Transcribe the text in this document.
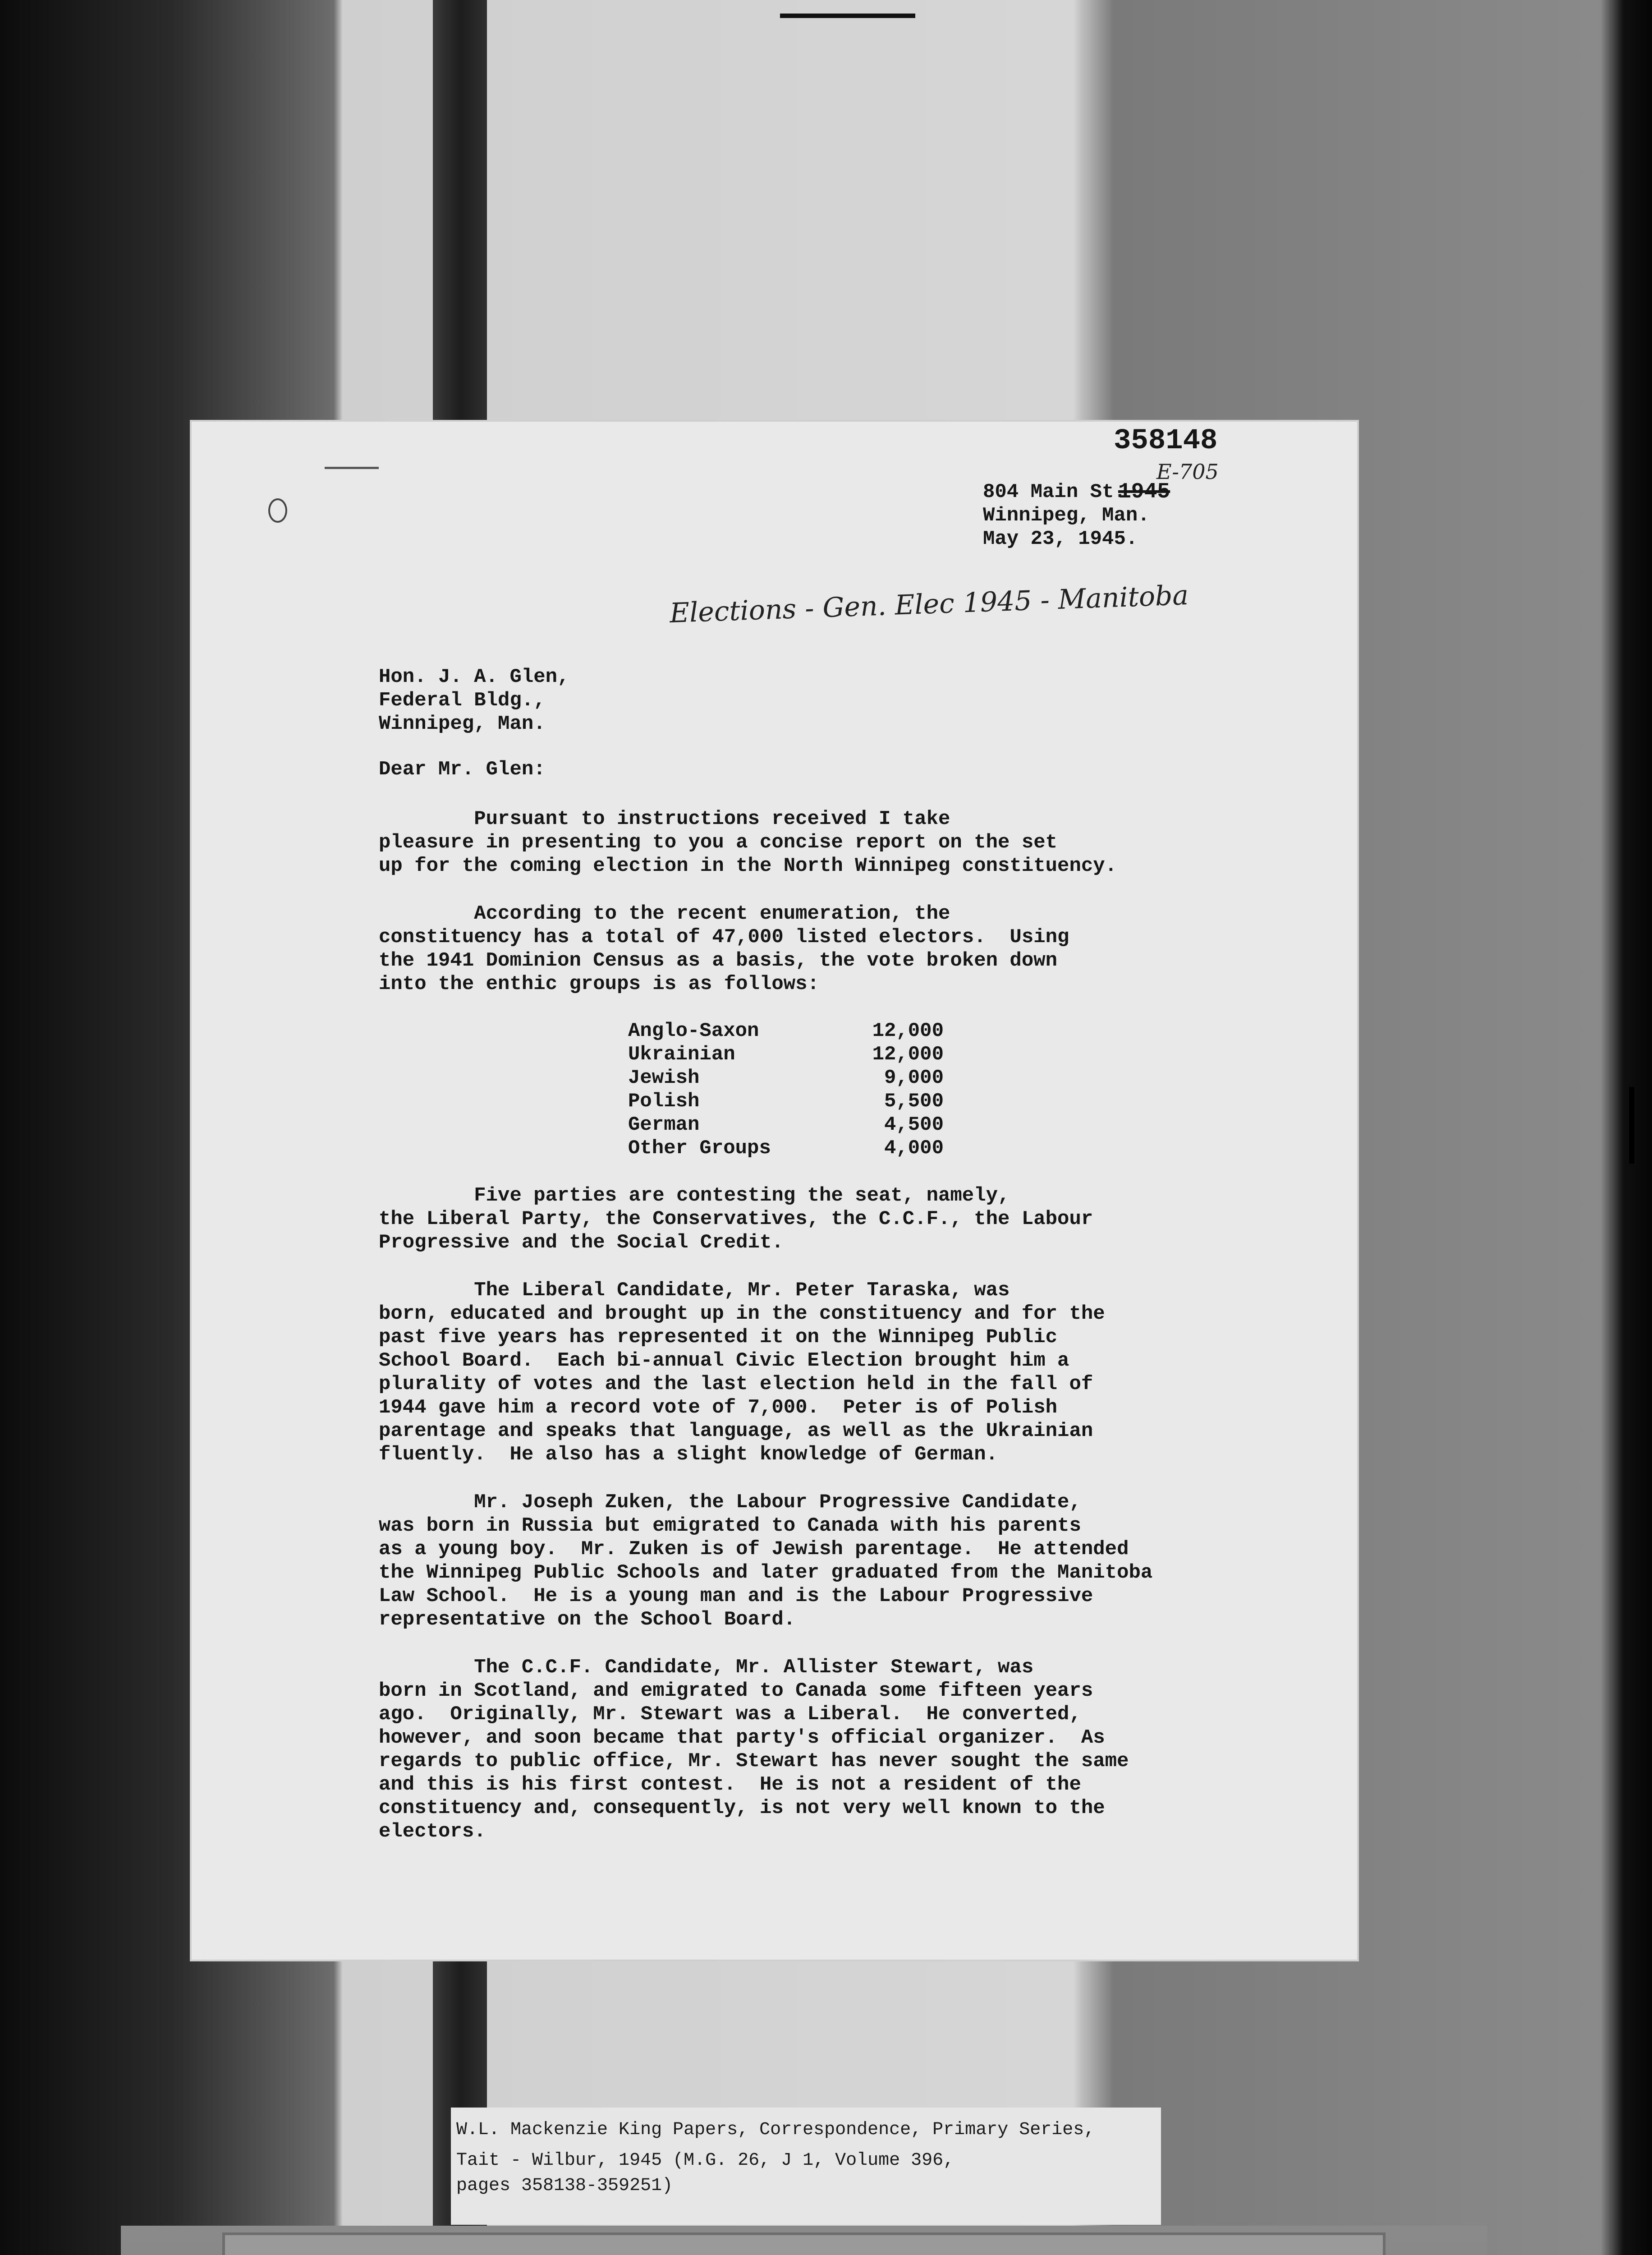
358148
804 Main St.
E-705
1945
Winnipeg, Man.
May 23, 1945.
Elections - Gen. Elec 1945 - Manitoba
Hon. J. A. Glen,
Federal Bldg.,
Winnipeg, Man.
Dear Mr. Glen:
Pursuant to instructions received I take
pleasure in presenting to you a concise report on the set
up for the coming election in the North Winnipeg constituency.
According to the recent enumeration, the
constituency has a total of 47,000 listed electors.  Using
the 1941 Dominion Census as a basis, the vote broken down
into the enthic groups is as follows:
Anglo-Saxon	12,000
Ukrainian	12,000
Jewish	9,000
Polish	5,500
German	4,500
Other Groups	4,000
Five parties are contesting the seat, namely,
the Liberal Party, the Conservatives, the C.C.F., the Labour
Progressive and the Social Credit.
The Liberal Candidate, Mr. Peter Taraska, was
born, educated and brought up in the constituency and for the
past five years has represented it on the Winnipeg Public
School Board.  Each bi-annual Civic Election brought him a
plurality of votes and the last election held in the fall of
1944 gave him a record vote of 7,000.  Peter is of Polish
parentage and speaks that language, as well as the Ukrainian
fluently.  He also has a slight knowledge of German.
Mr. Joseph Zuken, the Labour Progressive Candidate,
was born in Russia but emigrated to Canada with his parents
as a young boy.  Mr. Zuken is of Jewish parentage.  He attended
the Winnipeg Public Schools and later graduated from the Manitoba
Law School.  He is a young man and is the Labour Progressive
representative on the School Board.
The C.C.F. Candidate, Mr. Allister Stewart, was
born in Scotland, and emigrated to Canada some fifteen years
ago.  Originally, Mr. Stewart was a Liberal.  He converted,
however, and soon became that party's official organizer.  As
regards to public office, Mr. Stewart has never sought the same
and this is his first contest.  He is not a resident of the
constituency and, consequently, is not very well known to the
electors.
W.L. Mackenzie King Papers, Correspondence, Primary Series,
Tait - Wilbur, 1945 (M.G. 26, J 1, Volume 396,
pages 358138-359251)
